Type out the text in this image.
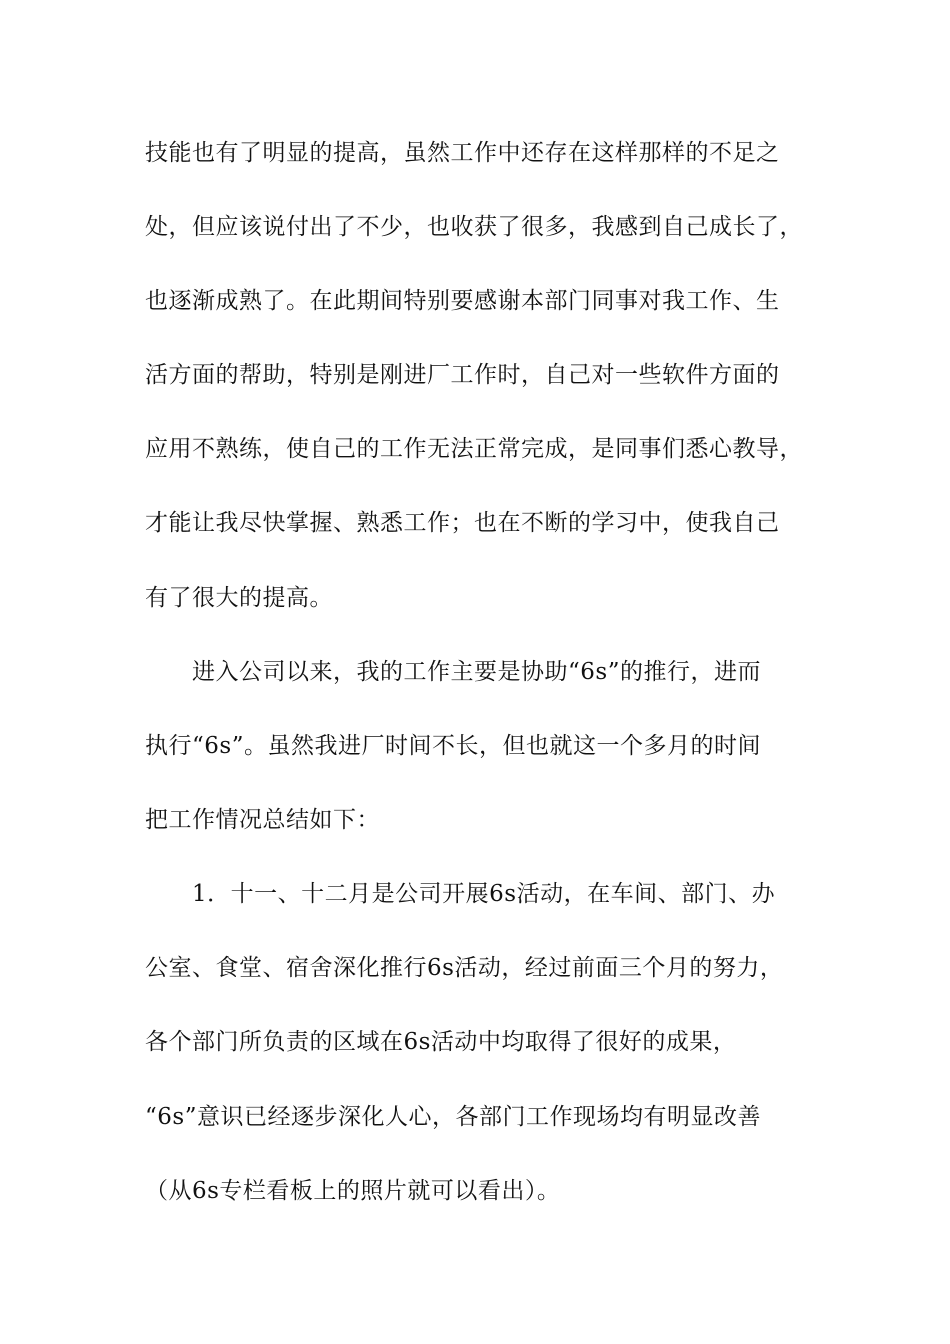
技能也有了明显的提高，虽然工作中还存在这样那样的不足之
处，但应该说付出了不少，也收获了很多，我感到自己成长了，
也逐渐成熟了。在此期间特别要感谢本部门同事对我工作、生
活方面的帮助，特别是刚进厂工作时，自己对一些软件方面的
应用不熟练，使自己的工作无法正常完成，是同事们悉心教导，
才能让我尽快掌握、熟悉工作；也在不断的学习中，使我自己
有了很大的提高。
进入公司以来，我的工作主要是协助“6s”的推行，进而
执行“6s”。虽然我进厂时间不长，但也就这一个多月的时间
把工作情况总结如下：
1．十一、十二月是公司开展6s活动，在车间、部门、办
公室、食堂、宿舍深化推行6s活动，经过前面三个月的努力，
各个部门所负责的区域在6s活动中均取得了很好的成果，
“6s”意识已经逐步深化人心，各部门工作现场均有明显改善
（从6s专栏看板上的照片就可以看出）。
